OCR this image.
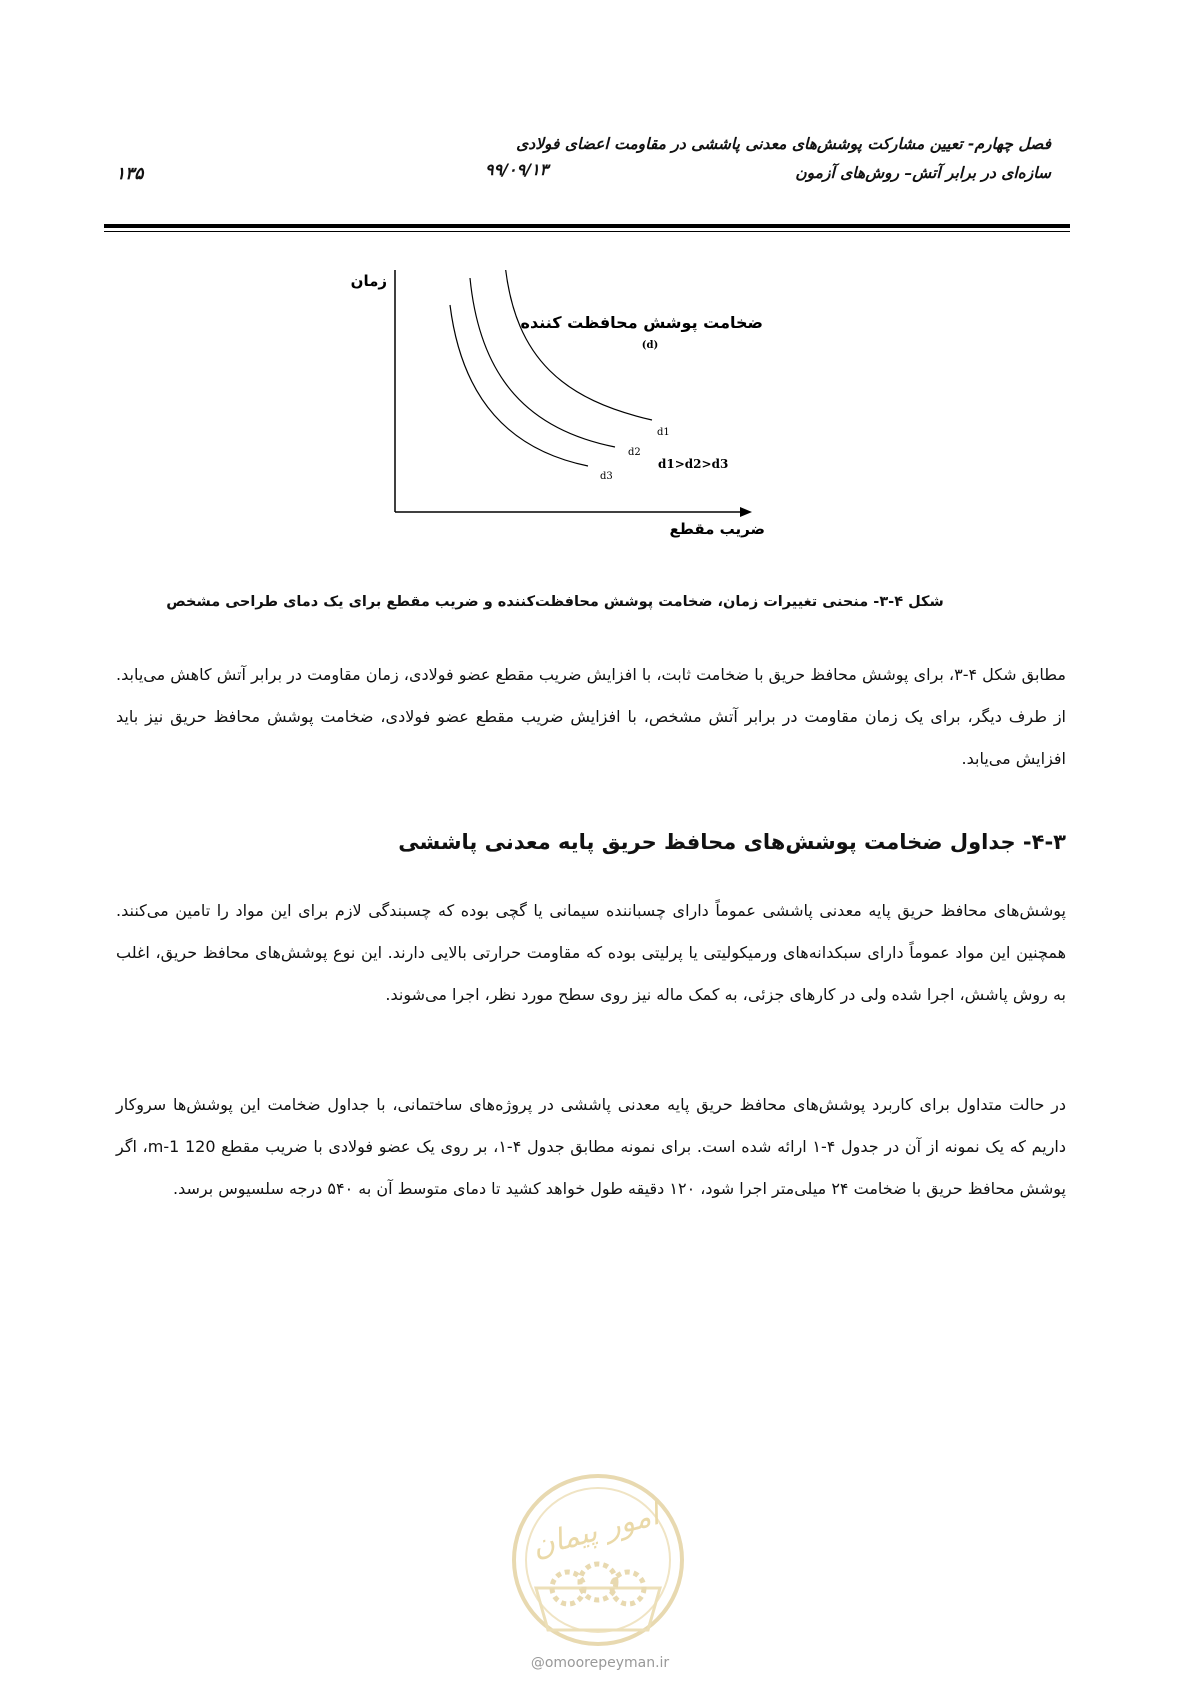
فصل چهارم- تعیین مشارکت پوشش‌های معدنی پاششی در مقاومت اعضای فولادی سازه‌ای در برابر آتش– روش‌های آزمون
۹۹/۰۹/۱۳
۱۳۵
زمان
ضریب مقطع
d1
d2
d3
d1>d2>d3
ضخامت پوشش محافظت کننده
(d)
شکل ۴-۳- منحنی تغییرات زمان، ضخامت پوشش محافظت‌کننده و ضریب مقطع برای یک دمای طراحی مشخص
مطابق شکل ۴-۳، برای پوشش محافظ حریق با ضخامت ثابت، با افزایش ضریب مقطع عضو فولادی، زمان مقاومت در برابر آتش کاهش می‌یابد. از طرف دیگر، برای یک زمان مقاومت در برابر آتش مشخص، با افزایش ضریب مقطع عضو فولادی، ضخامت پوشش محافظ حریق نیز باید افزایش می‌یابد.
۴-۳- جداول ضخامت پوشش‌های محافظ حریق پایه معدنی پاششی
پوشش‌های محافظ حریق پایه معدنی پاششی عموماً دارای چسباننده سیمانی یا گچی بوده که چسبندگی لازم برای این مواد را تامین می‌کنند. همچنین این مواد عموماً دارای سبکدانه‌های ورمیکولیتی یا پرلیتی بوده که مقاومت حرارتی بالایی دارند. این نوع پوشش‌های محافظ حریق، اغلب به روش پاشش، اجرا شده ولی در کارهای جزئی، به کمک ماله نیز روی سطح مورد نظر، اجرا می‌شوند.
در حالت متداول برای کاربرد پوشش‌های محافظ حریق پایه معدنی پاششی در پروژه‌های ساختمانی، با جداول ضخامت این پوشش‌ها سروکار داریم که یک نمونه از آن در جدول ۴-۱ ارائه شده است. برای نمونه مطابق جدول ۴-۱، بر روی یک عضو فولادی با ضریب مقطع 120 m-1، اگر پوشش محافظ حریق با ضخامت ۲۴ میلی‌متر اجرا شود، ۱۲۰ دقیقه طول خواهد کشید تا دمای متوسط آن به ۵۴۰ درجه سلسیوس برسد.
امور پیمان
@omoorepeyman.ir
